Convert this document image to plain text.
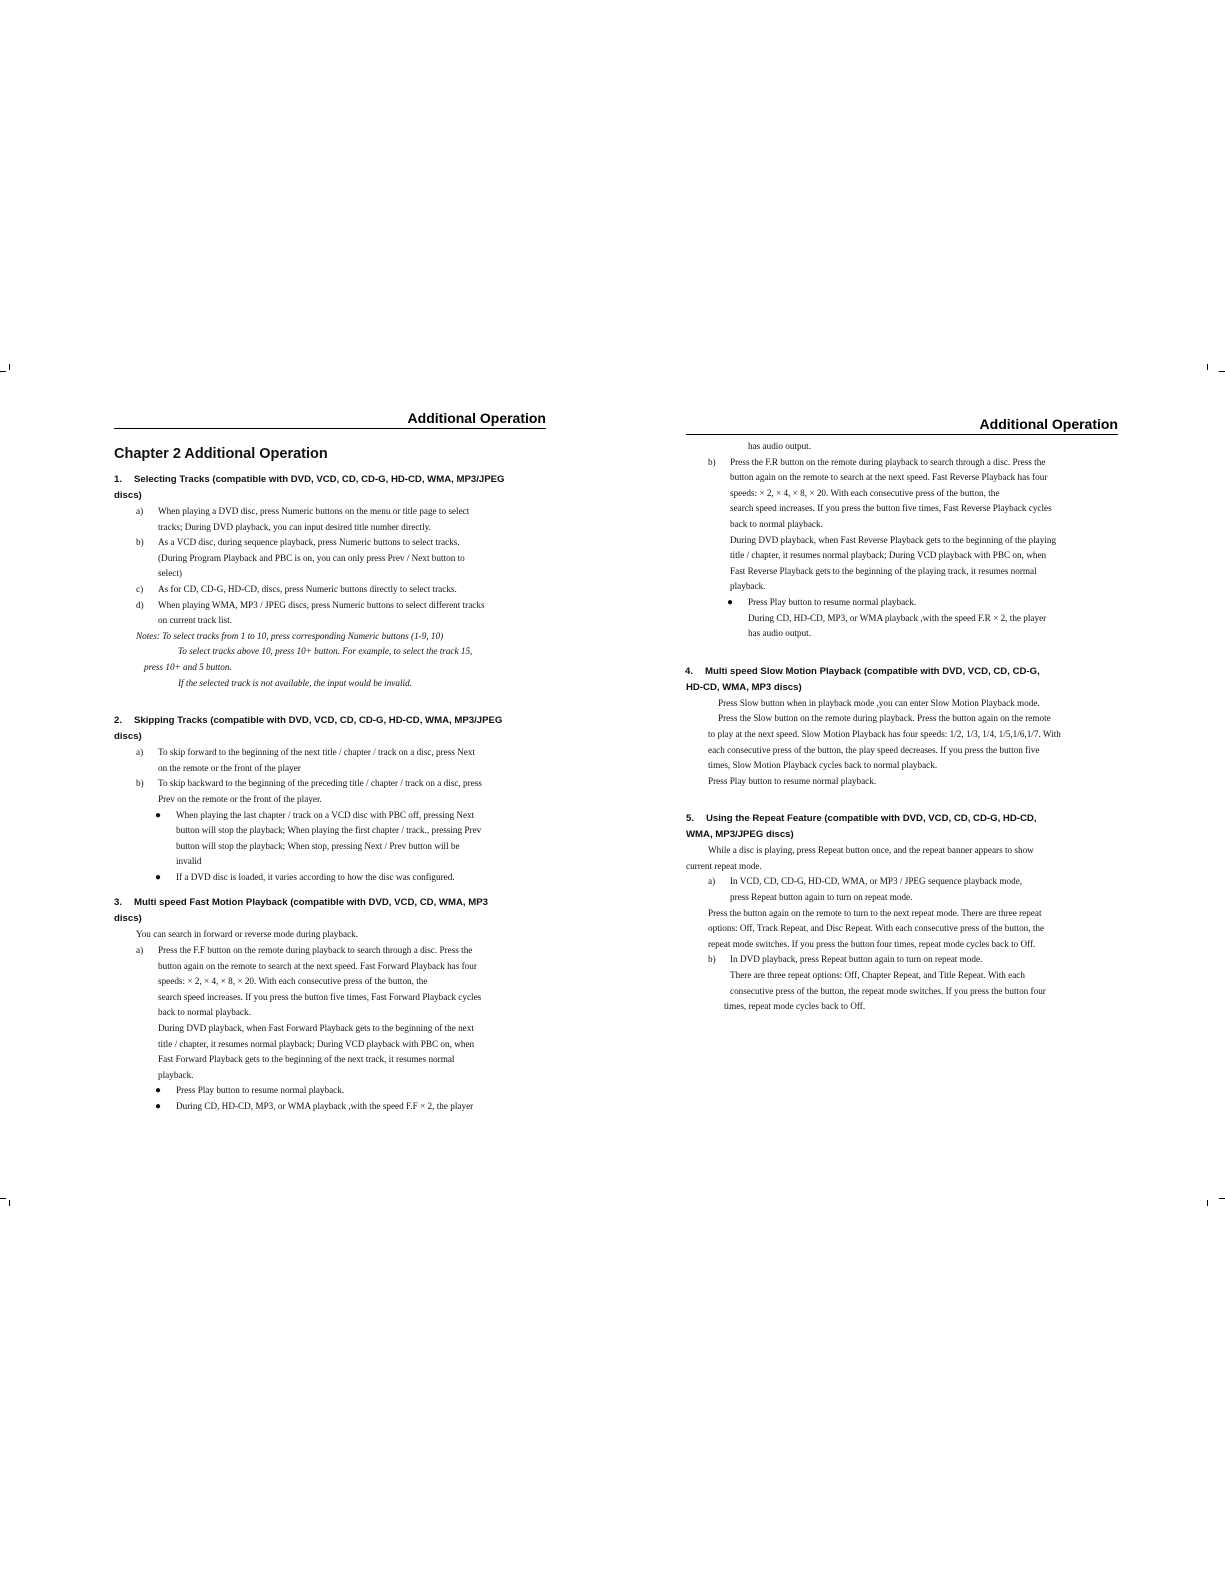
Additional Operation
Chapter 2 Additional Operation

1. Selecting Tracks (compatible with DVD, VCD, CD, CD-G, HD-CD, WMA, MP3/JPEG

discs)

a) When playing a DVD disc, press Numeric buttons on the menu or title page to select
tracks; During DVD playback, you can input desired title number directly.
b) As a VCD disc, during sequence playback, press Numeric buttons to select tracks.
(During Program Playback and PBC is on, you can only press Prev / Next button to
select)
c) As for CD, CD-G, HD-CD, discs, press Numeric buttons directly to select tracks.
d) When playing WMA, MP3 / JPEG discs, press Numeric buttons to select different tracks
on current track list.

Notes: To select tracks from 1 to 10, press corresponding Numeric buttons (1-9, 10)

To select tracks above 10, press 10+ button. For example, to select the track 15,

press 10+ and 5 button.

If the selected track is not available, the input would be invalid.

2. Skipping Tracks (compatible with DVD, VCD, CD, CD-G, HD-CD, WMA, MP3/JPEG

discs)

a) To skip forward to the beginning of the next title / chapter / track on a disc, press Next
on the remote or the front of the player
b) To skip backward to the beginning of the preceding title / chapter / track on a disc, press
Prev on the remote or the front of the player.
● When playing the last chapter / track on a VCD disc with PBC off, pressing Next
button will stop the playback; When playing the first chapter / track., pressing Prev
button will stop the playback; When stop, pressing Next / Prev button will be
invalid
● If a DVD disc is loaded, it varies according to how the disc was configured.

3. Multi speed Fast Motion Playback (compatible with DVD, VCD, CD, WMA, MP3

discs)

You can search in forward or reverse mode during playback.

a) Press the F.F button on the remote during playback to search through a disc. Press the
button again on the remote to search at the next speed. Fast Forward Playback has four
speeds: × 2, × 4, × 8, × 20. With each consecutive press of the button, the
search speed increases. If you press the button five times, Fast Forward Playback cycles
back to normal playback.
During DVD playback, when Fast Forward Playback gets to the beginning of the next
title / chapter, it resumes normal playback; During VCD playback with PBC on, when
Fast Forward Playback gets to the beginning of the next track, it resumes normal
playback.
● Press Play button to resume normal playback.
● During CD, HD-CD, MP3, or WMA playback ,with the speed F.F × 2, the player
Additional Operation

has audio output.

b) Press the F.R button on the remote during playback to search through a disc. Press the
button again on the remote to search at the next speed. Fast Reverse Playback has four
speeds: × 2, × 4, × 8, × 20. With each consecutive press of the button, the
search speed increases. If you press the button five times, Fast Reverse Playback cycles
back to normal playback.
During DVD playback, when Fast Reverse Playback gets to the beginning of the playing
title / chapter, it resumes normal playback; During VCD playback with PBC on, when
Fast Reverse Playback gets to the beginning of the playing track, it resumes normal
playback.
● Press Play button to resume normal playback.
During CD, HD-CD, MP3, or WMA playback ,with the speed F.R × 2, the player
has audio output.

4. Multi speed Slow Motion Playback (compatible with DVD, VCD, CD, CD-G,

HD-CD, WMA, MP3 discs)

Press Slow button when in playback mode ,you can enter Slow Motion Playback mode.

Press the Slow button on the remote during playback. Press the button again on the remote

to play at the next speed. Slow Motion Playback has four speeds: 1/2, 1/3, 1/4, 1/5,1/6,1/7. With

each consecutive press of the button, the play speed decreases. If you press the button five

times, Slow Motion Playback cycles back to normal playback.

Press Play button to resume normal playback.

5. Using the Repeat Feature (compatible with DVD, VCD, CD, CD-G, HD-CD,

WMA, MP3/JPEG discs)

While a disc is playing, press Repeat button once, and the repeat banner appears to show

current repeat mode.

a) In VCD, CD, CD-G, HD-CD, WMA, or MP3 / JPEG sequence playback mode,
press Repeat button again to turn on repeat mode.

Press the button again on the remote to turn to the next repeat mode. There are three repeat

options: Off, Track Repeat, and Disc Repeat. With each consecutive press of the button, the

repeat mode switches. If you press the button four times, repeat mode cycles back to Off.

b) In DVD playback, press Repeat button again to turn on repeat mode.
There are three repeat options: Off, Chapter Repeat, and Title Repeat. With each
consecutive press of the button, the repeat mode switches. If you press the button four

times, repeat mode cycles back to Off.
